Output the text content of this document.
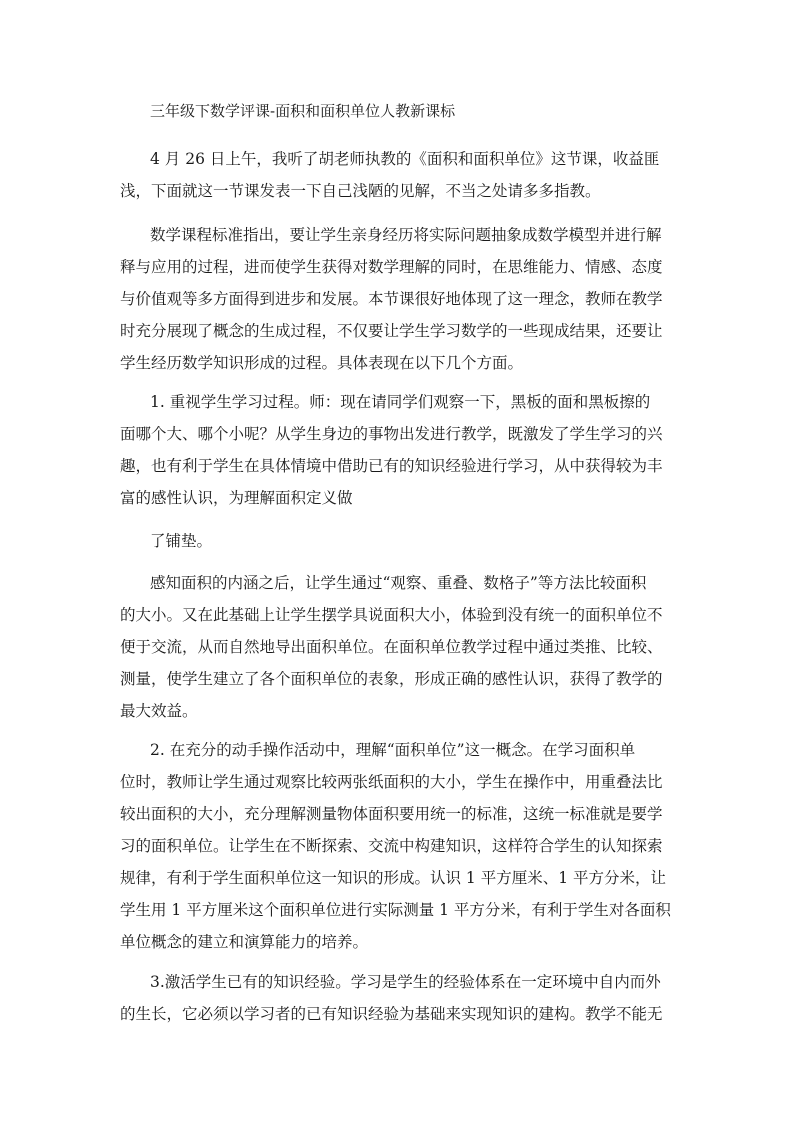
三年级下数学评课-面积和面积单位人教新课标
4 月 26 日上午，我听了胡老师执教的《面积和面积单位》这节课，收益匪
浅，下面就这一节课发表一下自己浅陋的见解，不当之处请多多指教。
数学课程标准指出，要让学生亲身经历将实际问题抽象成数学模型并进行解
释与应用的过程，进而使学生获得对数学理解的同时，在思维能力、情感、态度
与价值观等多方面得到进步和发展。本节课很好地体现了这一理念，教师在教学
时充分展现了概念的生成过程，不仅要让学生学习数学的一些现成结果，还要让
学生经历数学知识形成的过程。具体表现在以下几个方面。
1. 重视学生学习过程。师：现在请同学们观察一下，黑板的面和黑板擦的
面哪个大、哪个小呢？从学生身边的事物出发进行教学，既激发了学生学习的兴
趣，也有利于学生在具体情境中借助已有的知识经验进行学习，从中获得较为丰
富的感性认识，为理解面积定义做
了铺垫。
感知面积的内涵之后，让学生通过“观察、重叠、数格子”等方法比较面积
的大小。又在此基础上让学生摆学具说面积大小，体验到没有统一的面积单位不
便于交流，从而自然地导出面积单位。在面积单位教学过程中通过类推、比较、
测量，使学生建立了各个面积单位的表象，形成正确的感性认识，获得了教学的
最大效益。
2. 在充分的动手操作活动中，理解“面积单位”这一概念。在学习面积单
位时，教师让学生通过观察比较两张纸面积的大小，学生在操作中，用重叠法比
较出面积的大小，充分理解测量物体面积要用统一的标准，这统一标准就是要学
习的面积单位。让学生在不断探索、交流中构建知识，这样符合学生的认知探索
规律，有利于学生面积单位这一知识的形成。认识 1 平方厘米、1 平方分米，让
学生用 1 平方厘米这个面积单位进行实际测量 1 平方分米，有利于学生对各面积
单位概念的建立和演算能力的培养。
3.激活学生已有的知识经验。学习是学生的经验体系在一定环境中自内而外
的生长，它必须以学习者的已有知识经验为基础来实现知识的建构。教学不能无
